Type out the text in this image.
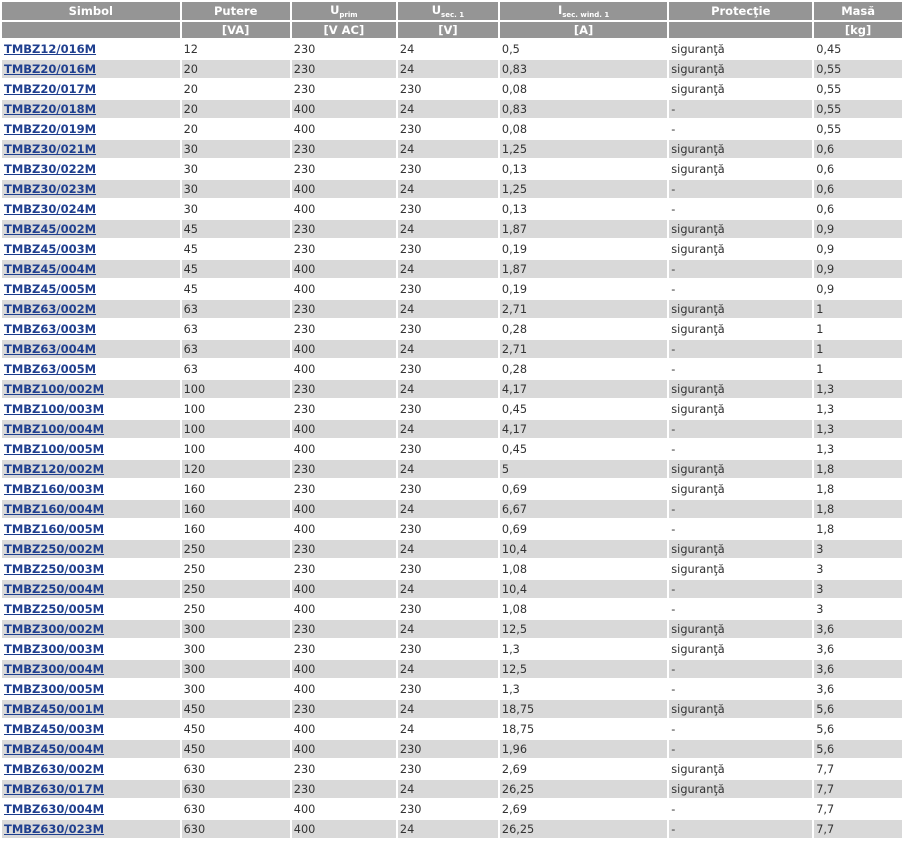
Simbol	Putere	$U_{prim}$	$U_{sec. 1}$	$I_{sec. wind. 1}$	Protecţie	Masă
	[VA]	[V AC]	[V]	[A]		[kg]
TMBZ12/016M	12	230	24	0,5	siguranţă	0,45
TMBZ20/016M	20	230	24	0,83	siguranţă	0,55
TMBZ20/017M	20	230	230	0,08	siguranţă	0,55
TMBZ20/018M	20	400	24	0,83	-	0,55
TMBZ20/019M	20	400	230	0,08	-	0,55
TMBZ30/021M	30	230	24	1,25	siguranţă	0,6
TMBZ30/022M	30	230	230	0,13	siguranţă	0,6
TMBZ30/023M	30	400	24	1,25	-	0,6
TMBZ30/024M	30	400	230	0,13	-	0,6
TMBZ45/002M	45	230	24	1,87	siguranţă	0,9
TMBZ45/003M	45	230	230	0,19	siguranţă	0,9
TMBZ45/004M	45	400	24	1,87	-	0,9
TMBZ45/005M	45	400	230	0,19	-	0,9
TMBZ63/002M	63	230	24	2,71	siguranţă	1
TMBZ63/003M	63	230	230	0,28	siguranţă	1
TMBZ63/004M	63	400	24	2,71	-	1
TMBZ63/005M	63	400	230	0,28	-	1
TMBZ100/002M	100	230	24	4,17	siguranţă	1,3
TMBZ100/003M	100	230	230	0,45	siguranţă	1,3
TMBZ100/004M	100	400	24	4,17	-	1,3
TMBZ100/005M	100	400	230	0,45	-	1,3
TMBZ120/002M	120	230	24	5	siguranţă	1,8
TMBZ160/003M	160	230	230	0,69	siguranţă	1,8
TMBZ160/004M	160	400	24	6,67	-	1,8
TMBZ160/005M	160	400	230	0,69	-	1,8
TMBZ250/002M	250	230	24	10,4	siguranţă	3
TMBZ250/003M	250	230	230	1,08	siguranţă	3
TMBZ250/004M	250	400	24	10,4	-	3
TMBZ250/005M	250	400	230	1,08	-	3
TMBZ300/002M	300	230	24	12,5	siguranţă	3,6
TMBZ300/003M	300	230	230	1,3	siguranţă	3,6
TMBZ300/004M	300	400	24	12,5	-	3,6
TMBZ300/005M	300	400	230	1,3	-	3,6
TMBZ450/001M	450	230	24	18,75	siguranţă	5,6
TMBZ450/003M	450	400	24	18,75	-	5,6
TMBZ450/004M	450	400	230	1,96	-	5,6
TMBZ630/002M	630	230	230	2,69	siguranţă	7,7
TMBZ630/017M	630	230	24	26,25	siguranţă	7,7
TMBZ630/004M	630	400	230	2,69	-	7,7
TMBZ630/023M	630	400	24	26,25	-	7,7
